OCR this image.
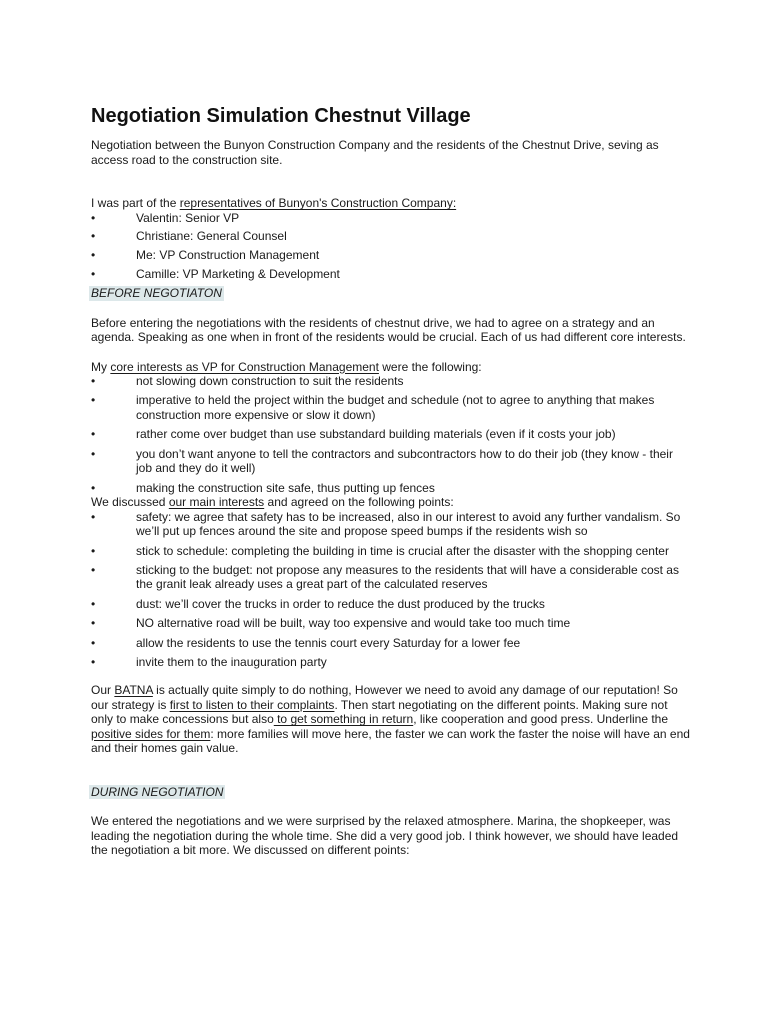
Negotiation Simulation Chestnut Village

Negotiation between the Bunyon Construction Company and the residents of the Chestnut Drive, seving as access road to the construction site.

I was part of the representatives of Bunyon's Construction Company:

•	Valentin: Senior VP
•	Christiane: General Counsel
•	Me: VP Construction Management
•	Camille: VP Marketing & Development

BEFORE NEGOTIATON

Before entering the negotiations with the residents of chestnut drive, we had to agree on a strategy and an agenda. Speaking as one when in front of the residents would be crucial. Each of us had different core interests.

My core interests as VP for Construction Management were the following:

•	not slowing down construction to suit the residents
•	imperative to held the project within the budget and schedule (not to agree to anything that makes construction more expensive or slow it down)
•	rather come over budget than use substandard building materials (even if it costs your job)
•	you don’t want anyone to tell the contractors and subcontractors how to do their job (they know - their job and they do it well)
•	making the construction site safe, thus putting up fences

We discussed our main interests and agreed on the following points:

•	safety: we agree that safety has to be increased, also in our interest to avoid any further vandalism. So we’ll put up fences around the site and propose speed bumps if the residents wish so
•	stick to schedule: completing the building in time is crucial after the disaster with the shopping center
•	sticking to the budget: not propose any measures to the residents that will have a considerable cost as the granit leak already uses a great part of the calculated reserves
•	dust: we’ll cover the trucks in order to reduce the dust produced by the trucks
•	NO alternative road will be built, way too expensive and would take too much time
•	allow the residents to use the tennis court every Saturday for a lower fee
•	invite them to the inauguration party

Our BATNA is actually quite simply to do nothing, However we need to avoid any damage of our reputation! So our strategy is first to listen to their complaints. Then start negotiating on the different points. Making sure not only to make concessions but also to get something in return, like cooperation and good press. Underline the positive sides for them: more families will move here, the faster we can work the faster the noise will have an end and their homes gain value.

DURING NEGOTIATION

We entered the negotiations and we were surprised by the relaxed atmosphere. Marina, the shopkeeper, was leading the negotiation during the whole time. She did a very good job. I think however, we should have leaded the negotiation a bit more. We discussed on different points:
